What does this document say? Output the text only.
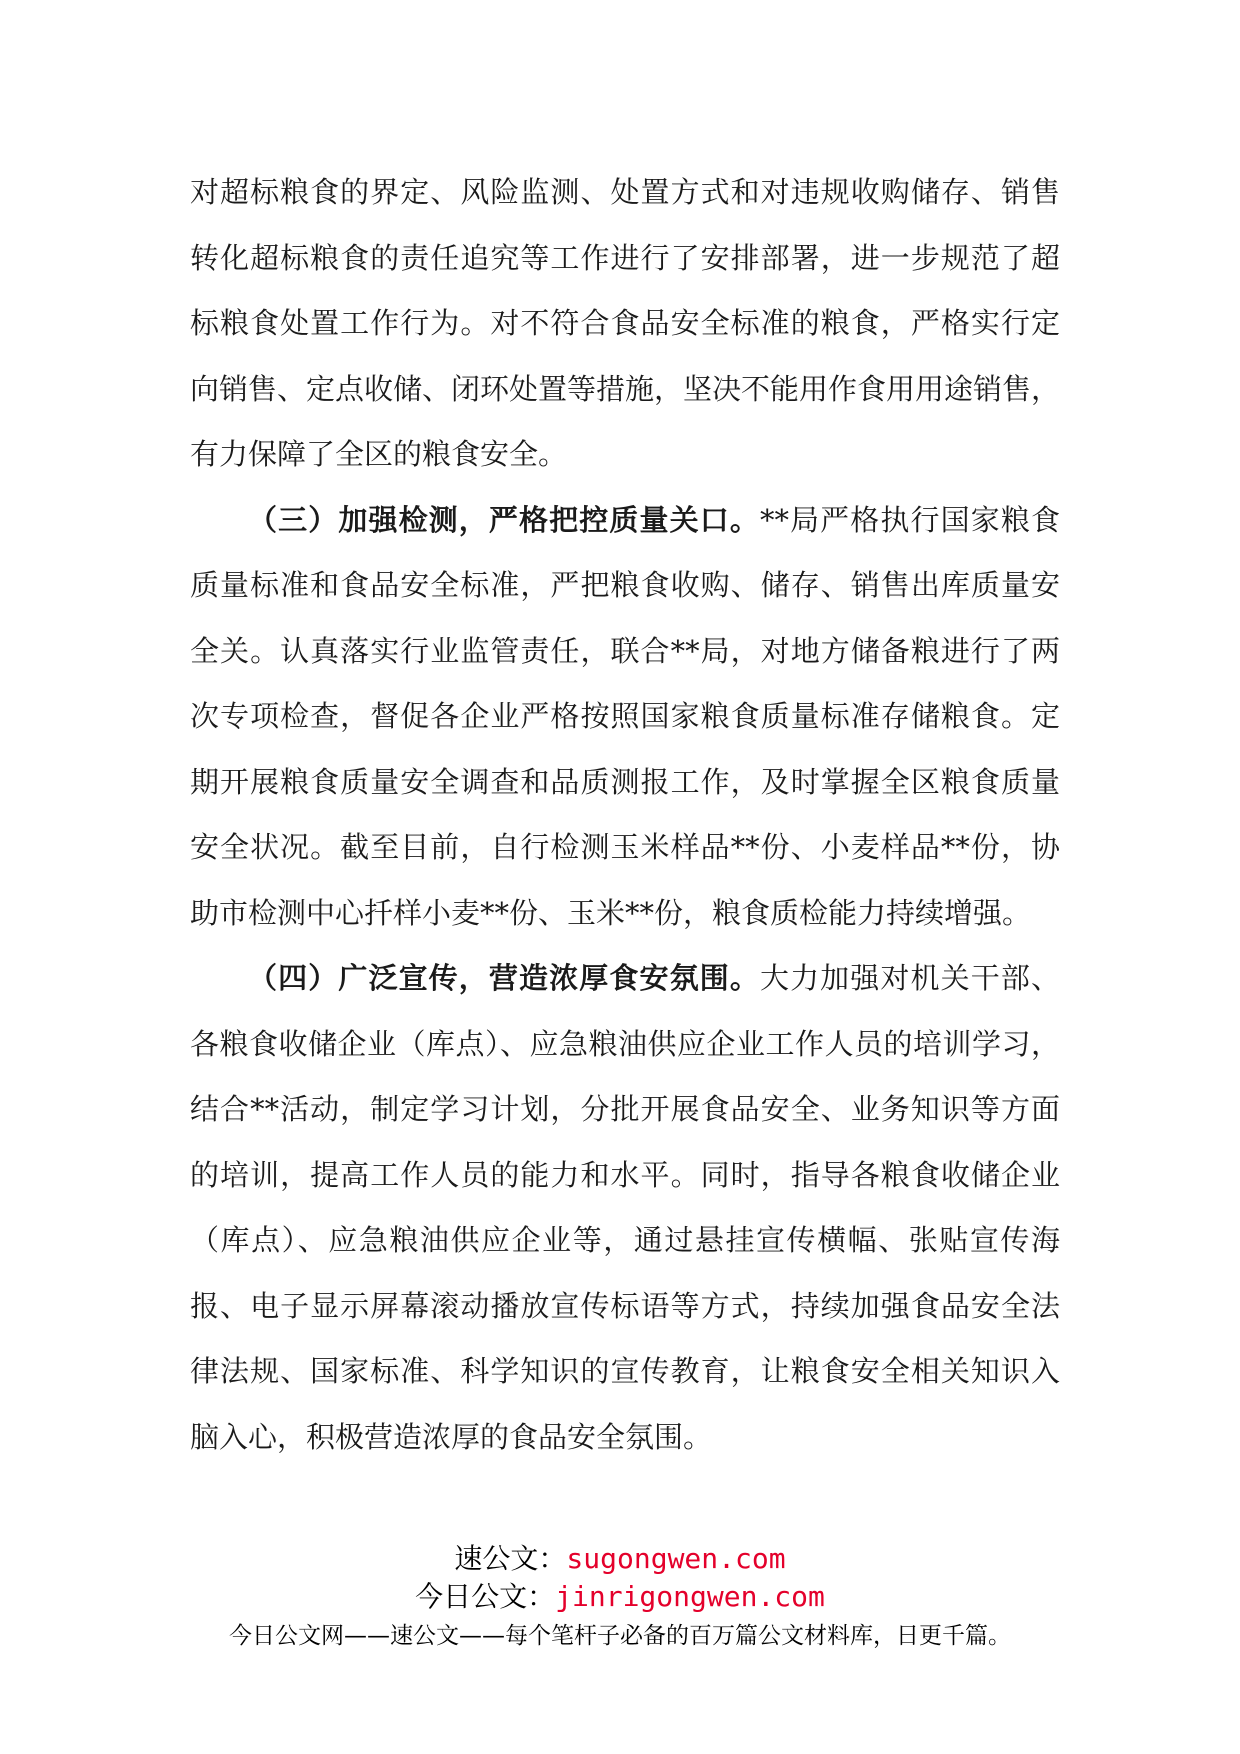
对超标粮食的界定、风险监测、处置方式和对违规收购储存、销售
转化超标粮食的责任追究等工作进行了安排部署，进一步规范了超
标粮食处置工作行为。对不符合食品安全标准的粮食，严格实行定
向销售、定点收储、闭环处置等措施，坚决不能用作食用用途销售，
有力保障了全区的粮食安全。
（三）加强检测，严格把控质量关口。**局严格执行国家粮食
质量标准和食品安全标准，严把粮食收购、储存、销售出库质量安
全关。认真落实行业监管责任，联合**局，对地方储备粮进行了两
次专项检查，督促各企业严格按照国家粮食质量标准存储粮食。定
期开展粮食质量安全调查和品质测报工作，及时掌握全区粮食质量
安全状况。截至目前，自行检测玉米样品**份、小麦样品**份，协
助市检测中心扦样小麦**份、玉米**份，粮食质检能力持续增强。
（四）广泛宣传，营造浓厚食安氛围。大力加强对机关干部、
各粮食收储企业（库点）、应急粮油供应企业工作人员的培训学习，
结合**活动，制定学习计划，分批开展食品安全、业务知识等方面
的培训，提高工作人员的能力和水平。同时，指导各粮食收储企业
（库点）、应急粮油供应企业等，通过悬挂宣传横幅、张贴宣传海
报、电子显示屏幕滚动播放宣传标语等方式，持续加强食品安全法
律法规、国家标准、科学知识的宣传教育，让粮食安全相关知识入
脑入心，积极营造浓厚的食品安全氛围。
速公文：sugongwen.com
今日公文：jinrigongwen.com
今日公文网——速公文——每个笔杆子必备的百万篇公文材料库，日更千篇。
